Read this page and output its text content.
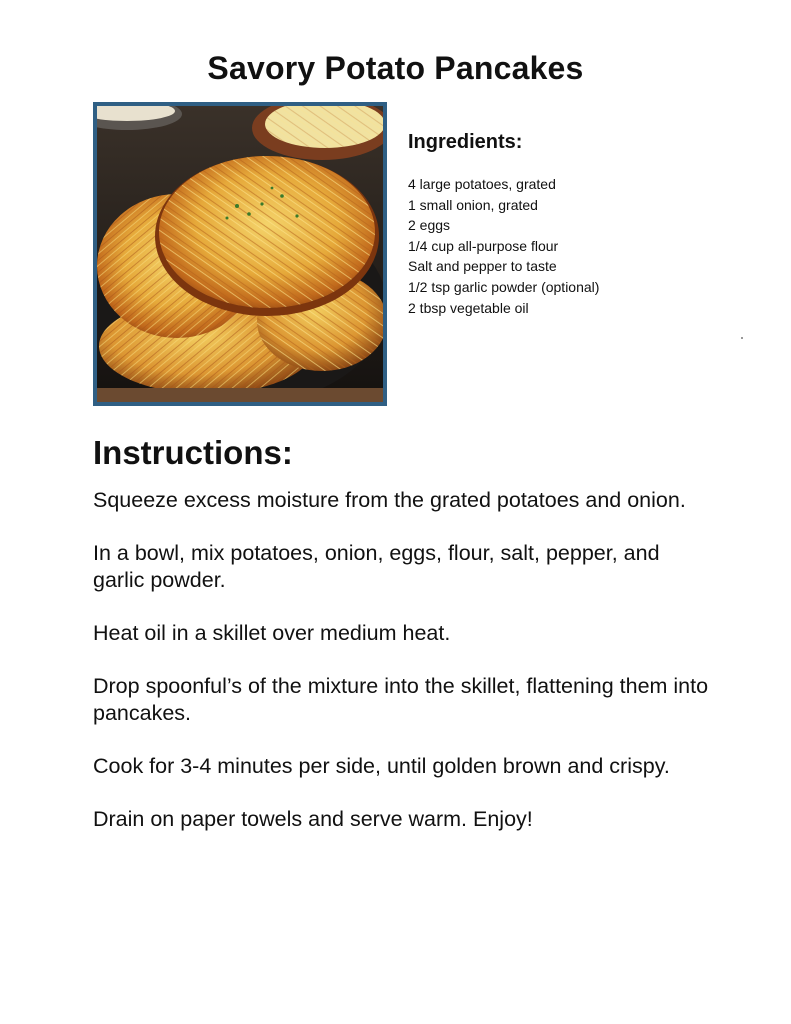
Savory Potato Pancakes
Ingredients:
4 large potatoes, grated
1 small onion, grated
2 eggs
1/4 cup all-purpose flour
Salt and pepper to taste
1/2 tsp garlic powder (optional)
2 tbsp vegetable oil
Instructions:

Squeeze excess moisture from the grated potatoes and onion.

In a bowl, mix potatoes, onion, eggs, flour, salt, pepper, and garlic powder.

Heat oil in a skillet over medium heat.

Drop spoonful’s of the mixture into the skillet, flattening them into pancakes.

Cook for 3-4 minutes per side, until golden brown and crispy.

Drain on paper towels and serve warm. Enjoy!
